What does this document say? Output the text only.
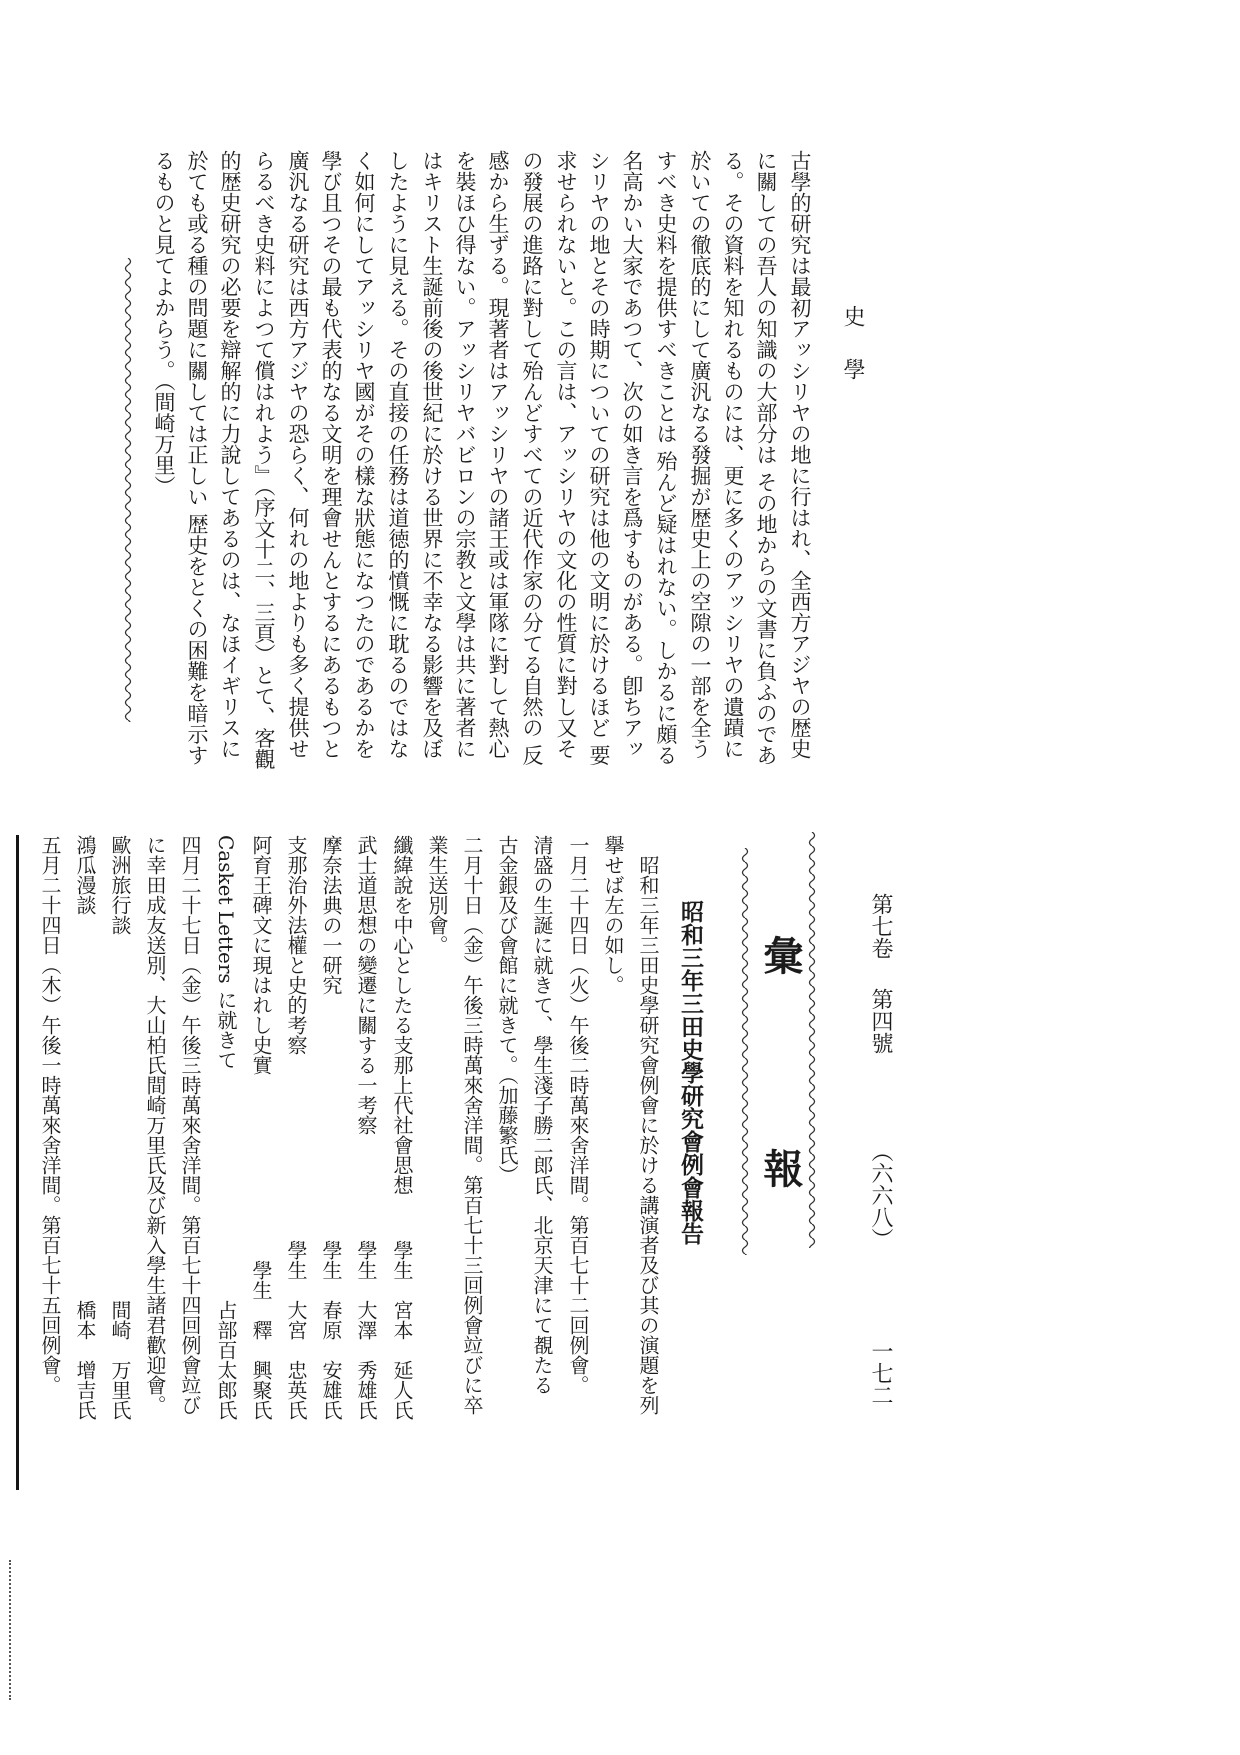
史
學
古學的研究は最初アッシリヤの地に行はれ、全西方アジヤの歴史
に關しての吾人の知識の大部分は その地からの文書に負ふのであ
る。その資料を知れるものには、更に多くのアッシリヤの遺蹟に
於いての徹底的にして廣汎なる發掘が歴史上の空隙の一部を全う
すべき史料を提供すべきことは 殆んど疑はれない。しかるに頗る
名高かい大家であつて、次の如き言を爲すものがある。卽ちアッ
シリヤの地とその時期についての研究は他の文明に於けるほど 要
求せられないと。この言は、アッシリヤの文化の性質に對し又そ
の發展の進路に對して殆んどすべての近代作家の分てる自然の 反
感から生ずる。現著者はアッシリヤの諸王或は軍隊に對して熱心
を裝ほひ得ない。アッシリヤバビロンの宗教と文學は共に著者に
はキリスト生誕前後の後世紀に於ける世界に不幸なる影響を及ぼ
したように見える。その直接の任務は道徳的憤慨に耽るのではな
く如何にしてアッシリヤ國がその樣な狀態になつたのであるかを
學び且つその最も代表的なる文明を理會せんとするにあるもつと
廣汎なる研究は西方アジヤの恐らく、何れの地よりも多く提供せ
らるべき史料によつて償はれよう』（序文十二、三頁）とて、客觀
的歴史研究の必要を辯解的に力說してあるのは、なほイギリスに
於ても或る種の問題に關しては正しい 歴史をとくの困難を暗示す
るものと見てよからう。（間崎万里）
第七卷
第四號
（六六八）
一七二
彙
報
昭和三年三田史學研究會例會報告
昭和三年三田史學研究會例會に於ける講演者及び其の演題を列
擧せば左の如し。
一月二十四日（火）午後二時萬來舍洋間。第百七十二回例會。
清盛の生誕に就きて、學生淺子勝二郎氏、北京天津にて覩たる
古金銀及び會館に就きて。（加藤繁氏）
二月十日（金）午後三時萬來舍洋間。第百七十三回例會竝びに卒
業生送別會。
纖緯說を中心としたる支那上代社會思想
學生　宮本　延人氏
武士道思想の變遷に關する一考察
學生　大澤　秀雄氏
摩奈法典の一研究
學生　春原　安雄氏
支那治外法權と史的考察
學生　大宮　忠英氏
阿育王碑文に現はれし史實
學生　釋　興聚氏
Casket Letters に就きて
占部百太郎氏
四月二十七日（金）午後三時萬來舍洋間。第百七十四回例會竝び
に幸田成友送別、大山柏氏間崎万里氏及び新入學生諸君歡迎會。
歐洲旅行談
間崎　万里氏
鴻瓜漫談
橋本　增吉氏
五月二十四日（木）午後一時萬來舍洋間。第百七十五回例會。
